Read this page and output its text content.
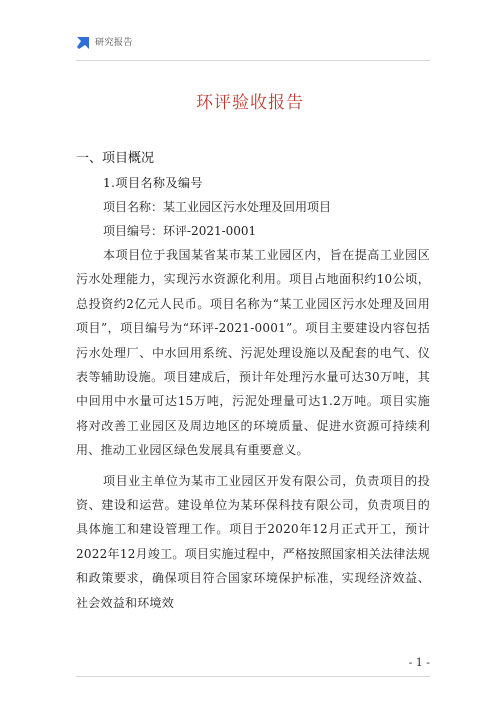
研究报告
环评验收报告

一、项目概况

1.项目名称及编号

项目名称：某工业园区污水处理及回用项目

项目编号：环评-2021-0001

本项目位于我国某省某市某工业园区内，旨在提高工业园区污水处理能力，实现污水资源化利用。项目占地面积约10公顷，总投资约2亿元人民币。项目名称为“某工业园区污水处理及回用项目”，项目编号为“环评-2021-0001”。项目主要建设内容包括污水处理厂、中水回用系统、污泥处理设施以及配套的电气、仪表等辅助设施。项目建成后，预计年处理污水量可达30万吨，其中回用中水量可达15万吨，污泥处理量可达1.2万吨。项目实施将对改善工业园区及周边地区的环境质量、促进水资源可持续利用、推动工业园区绿色发展具有重要意义。

项目业主单位为某市工业园区开发有限公司，负责项目的投资、建设和运营。建设单位为某环保科技有限公司，负责项目的具体施工和建设管理工作。项目于2020年12月正式开工，预计2022年12月竣工。项目实施过程中，严格按照国家相关法律法规和政策要求，确保项目符合国家环境保护标准，实现经济效益、社会效益和环境效

- 1 -
